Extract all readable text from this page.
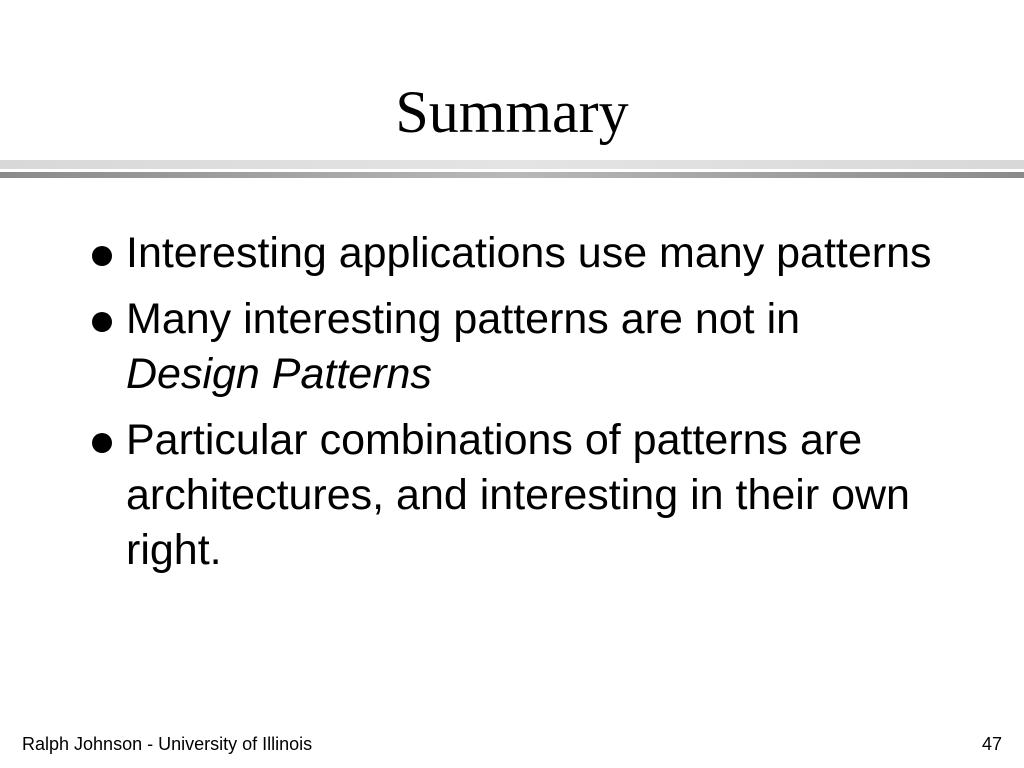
Summary
Interesting applications use many patterns
Many interesting patterns are not in
Design Patterns
Particular combinations of patterns are architectures, and interesting in their own right.
Ralph Johnson - University of Illinois	47
